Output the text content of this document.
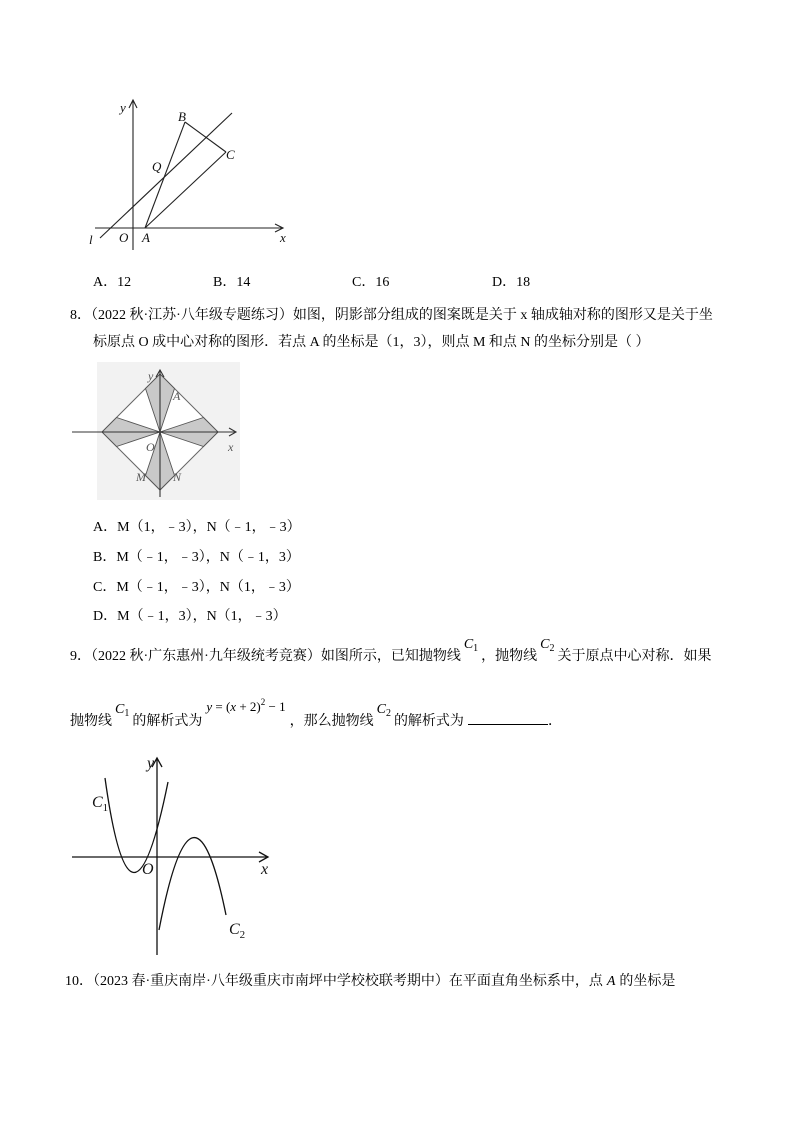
y
B
C
Q
O A	x
l
A．12	B．14	C．16	D．18
8．（2022 秋·江苏·八年级专题练习）如图，阴影部分组成的图案既是关于 x 轴成轴对称的图形又是关于坐
标原点 O 成中心对称的图形．若点 A 的坐标是（1，3），则点 M 和点 N 的坐标分别是（ ）
y
A
O	x
M N
A．M（1，﹣3），N（﹣1，﹣3）
B．M（﹣1，﹣3），N（﹣1，3）
C．M（﹣1，﹣3），N（1，﹣3）
D．M（﹣1，3），N（1，﹣3）
9．（2022 秋·广东惠州·九年级统考竞赛）如图所示，已知抛物线$C_1$，抛物线$C_2$关于原点中心对称．如果
抛物线$C_1$的解析式为$y = (x + 2)^2 - 1$，那么抛物线$C_2$的解析式为	．
y
$C_1$
O	x
$C_2$
10．（2023 春·重庆南岸·八年级重庆市南坪中学校校联考期中）在平面直角坐标系中，点 A 的坐标是
